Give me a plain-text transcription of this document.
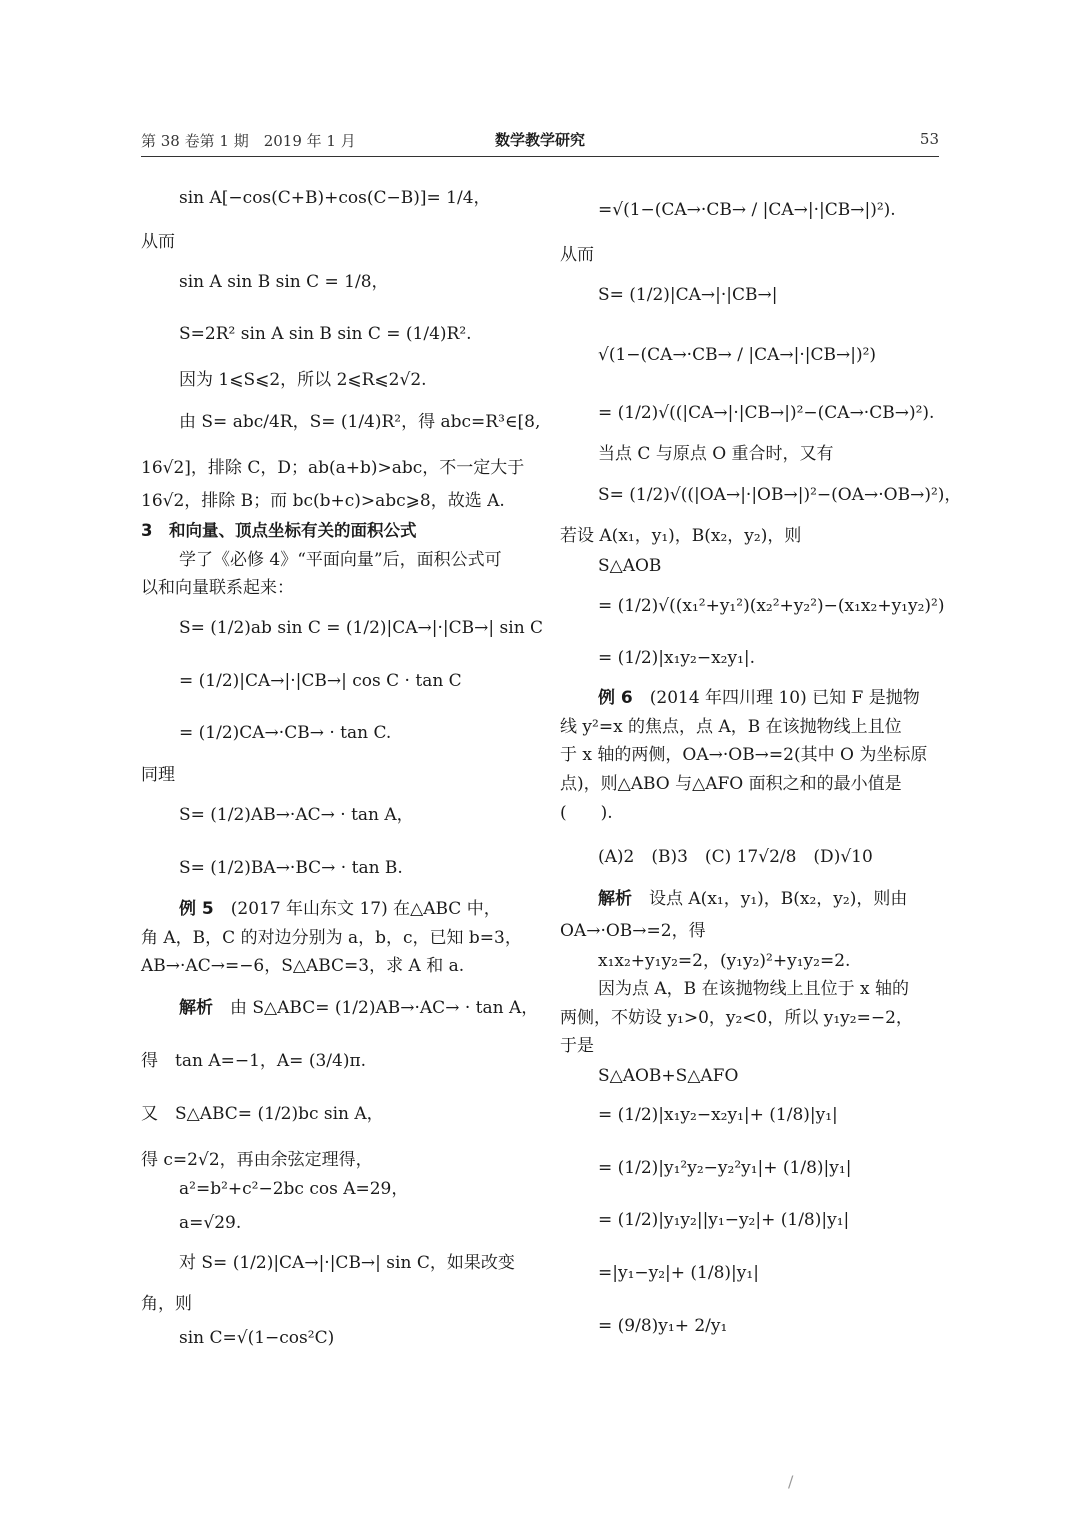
第 38 卷第 1 期　2019 年 1 月	数学教学研究	53
sin A[−cos(C+B)+cos(C−B)]= 1/4，
从而
sin A sin B sin C = 1/8，
S=2R² sin A sin B sin C = (1/4)R².
因为 1⩽S⩽2，所以 2⩽R⩽2√2.
由 S= abc/4R，S= (1/4)R²，得 abc=R³∈[8,
16√2]，排除 C，D；ab(a+b)>abc，不一定大于
16√2，排除 B；而 bc(b+c)>abc⩾8，故选 A.
3　和向量、顶点坐标有关的面积公式
学了《必修 4》“平面向量”后，面积公式可
以和向量联系起来：
S= (1/2)ab sin C = (1/2)|CA→|·|CB→| sin C
= (1/2)|CA→|·|CB→| cos C · tan C
= (1/2)CA→·CB→ · tan C.
同理
S= (1/2)AB→·AC→ · tan A，
S= (1/2)BA→·BC→ · tan B.
例 5　(2017 年山东文 17) 在△ABC 中，
角 A，B，C 的对边分别为 a，b，c，已知 b=3，
AB→·AC→=−6，S△ABC=3，求 A 和 a.
解析　由 S△ABC= (1/2)AB→·AC→ · tan A，
得　tan A=−1，A= (3/4)π.
又　S△ABC= (1/2)bc sin A，
得 c=2√2，再由余弦定理得，
a²=b²+c²−2bc cos A=29，
a=√29.
对 S= (1/2)|CA→|·|CB→| sin C，如果改变
角，则
sin C=√(1−cos²C)
=√(1−(CA→·CB→ / |CA→|·|CB→|)²).
从而
S= (1/2)|CA→|·|CB→|
√(1−(CA→·CB→ / |CA→|·|CB→|)²)
= (1/2)√((|CA→|·|CB→|)²−(CA→·CB→)²).
当点 C 与原点 O 重合时，又有
S= (1/2)√((|OA→|·|OB→|)²−(OA→·OB→)²)，
若设 A(x₁，y₁)，B(x₂，y₂)，则
S△AOB
= (1/2)√((x₁²+y₁²)(x₂²+y₂²)−(x₁x₂+y₁y₂)²)
= (1/2)|x₁y₂−x₂y₁|.
例 6　(2014 年四川理 10) 已知 F 是抛物
线 y²=x 的焦点，点 A，B 在该抛物线上且位
于 x 轴的两侧，OA→·OB→=2(其中 O 为坐标原
点)，则△ABO 与△AFO 面积之和的最小值是
(　　).
(A)2　(B)3　(C) 17√2/8　(D)√10
解析　设点 A(x₁，y₁)，B(x₂，y₂)，则由
OA→·OB→=2，得
x₁x₂+y₁y₂=2，(y₁y₂)²+y₁y₂=2.
因为点 A，B 在该抛物线上且位于 x 轴的
两侧，不妨设 y₁>0，y₂<0，所以 y₁y₂=−2，
于是
S△AOB+S△AFO
= (1/2)|x₁y₂−x₂y₁|+ (1/8)|y₁|
= (1/2)|y₁²y₂−y₂²y₁|+ (1/8)|y₁|
= (1/2)|y₁y₂||y₁−y₂|+ (1/8)|y₁|
=|y₁−y₂|+ (1/8)|y₁|
= (9/8)y₁+ 2/y₁
/
